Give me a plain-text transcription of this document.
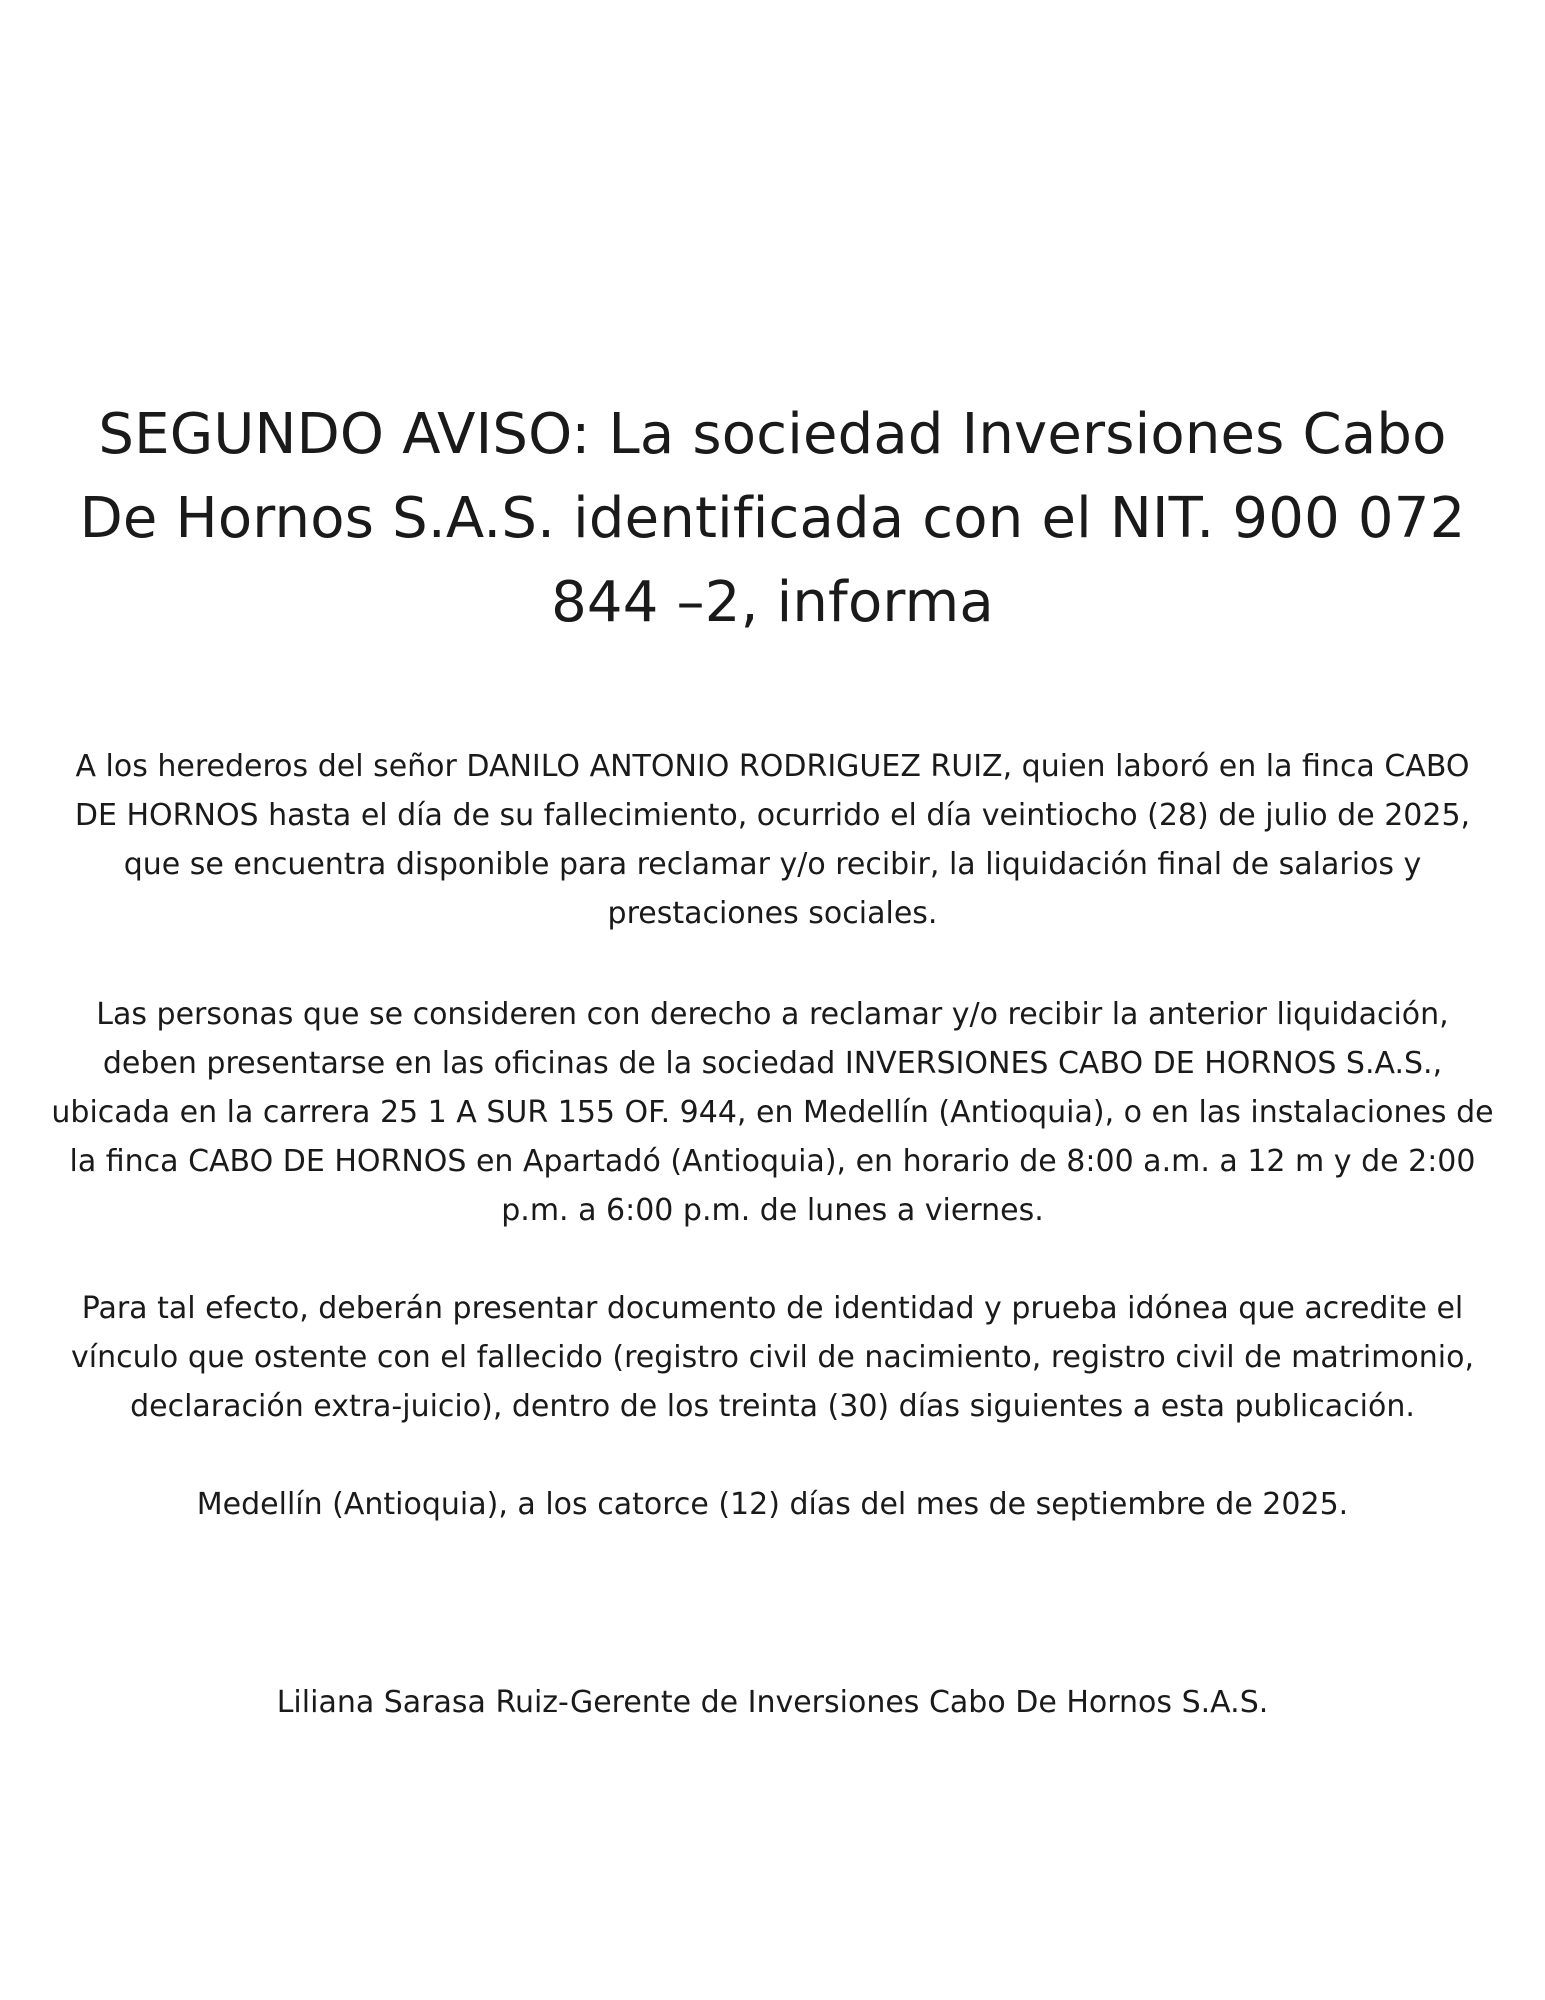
SEGUNDO AVISO: La sociedad Inversiones Cabo De Hornos S.A.S. identificada con el NIT. 900 072 844 –2, informa

A los herederos del señor DANILO ANTONIO RODRIGUEZ RUIZ, quien laboró en la finca CABO DE HORNOS hasta el día de su fallecimiento, ocurrido el día veintiocho (28) de julio de 2025, que se encuentra disponible para reclamar y/o recibir, la liquidación final de salarios y prestaciones sociales.

Las personas que se consideren con derecho a reclamar y/o recibir la anterior liquidación, deben presentarse en las oficinas de la sociedad INVERSIONES CABO DE HORNOS S.A.S., ubicada en la carrera 25 1 A SUR 155 OF. 944, en Medellín (Antioquia), o en las instalaciones de la finca CABO DE HORNOS en Apartadó (Antioquia), en horario de 8:00 a.m. a 12 m y de 2:00 p.m. a 6:00 p.m. de lunes a viernes.

Para tal efecto, deberán presentar documento de identidad y prueba idónea que acredite el vínculo que ostente con el fallecido (registro civil de nacimiento, registro civil de matrimonio, declaración extra-juicio), dentro de los treinta (30) días siguientes a esta publicación.

Medellín (Antioquia), a los catorce (12) días del mes de septiembre de 2025.

Liliana Sarasa Ruiz-Gerente de Inversiones Cabo De Hornos S.A.S.
